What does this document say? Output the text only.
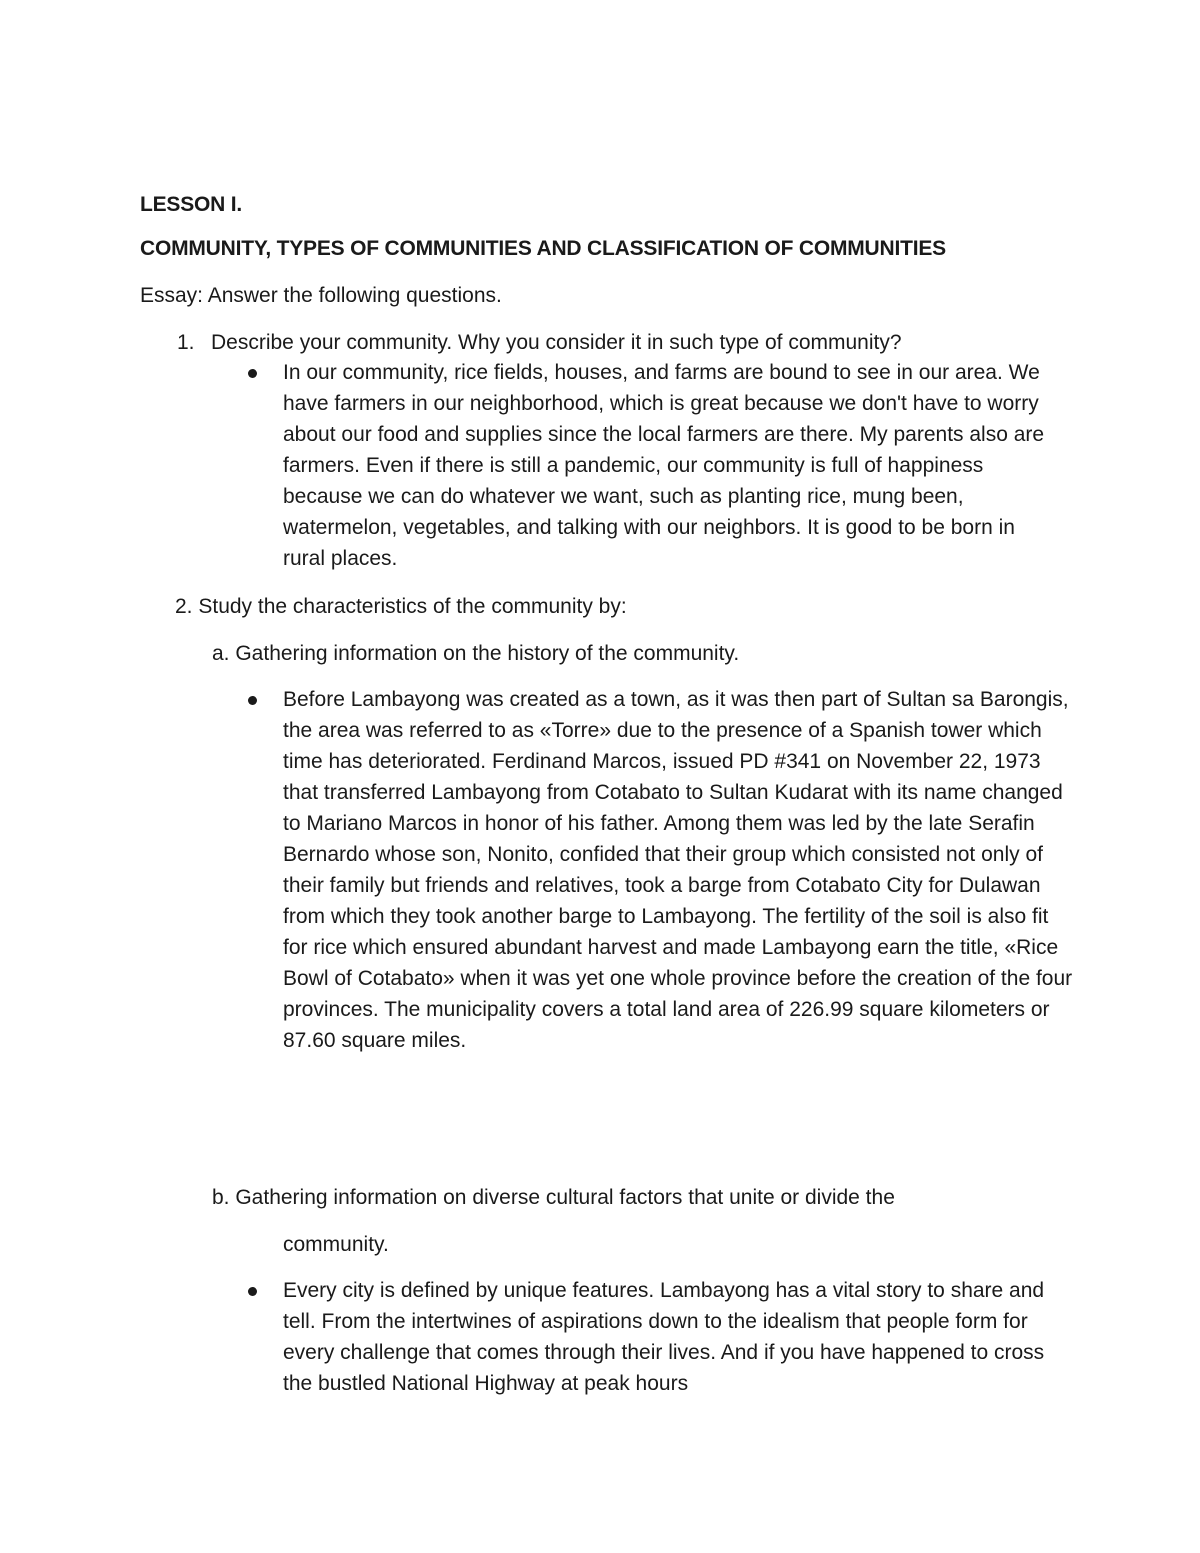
LESSON I.

COMMUNITY, TYPES OF COMMUNITIES AND CLASSIFICATION OF COMMUNITIES

Essay: Answer the following questions.

1. Describe your community. Why you consider it in such type of community?

In our community, rice fields, houses, and farms are bound to see in our area. We have farmers in our neighborhood, which is great because we don't have to worry about our food and supplies since the local farmers are there. My parents also are farmers. Even if there is still a pandemic, our community is full of happiness because we can do whatever we want, such as planting rice, mung been, watermelon, vegetables, and talking with our neighbors. It is good to be born in rural places.

2. Study the characteristics of the community by:

a. Gathering information on the history of the community.

Before Lambayong was created as a town, as it was then part of Sultan sa Barongis, the area was referred to as «Torre» due to the presence of a Spanish tower which time has deteriorated. Ferdinand Marcos, issued PD #341 on November 22, 1973 that transferred Lambayong from Cotabato to Sultan Kudarat with its name changed to Mariano Marcos in honor of his father. Among them was led by the late Serafin Bernardo whose son, Nonito, confided that their group which consisted not only of their family but friends and relatives, took a barge from Cotabato City for Dulawan from which they took another barge to Lambayong. The fertility of the soil is also fit for rice which ensured abundant harvest and made Lambayong earn the title, «Rice Bowl of Cotabato» when it was yet one whole province before the creation of the four provinces. The municipality covers a total land area of 226.99 square kilometers or 87.60 square miles.

b. Gathering information on diverse cultural factors that unite or divide the

community.

Every city is defined by unique features. Lambayong has a vital story to share and tell. From the intertwines of aspirations down to the idealism that people form for every challenge that comes through their lives. And if you have happened to cross the bustled National Highway at peak hours
